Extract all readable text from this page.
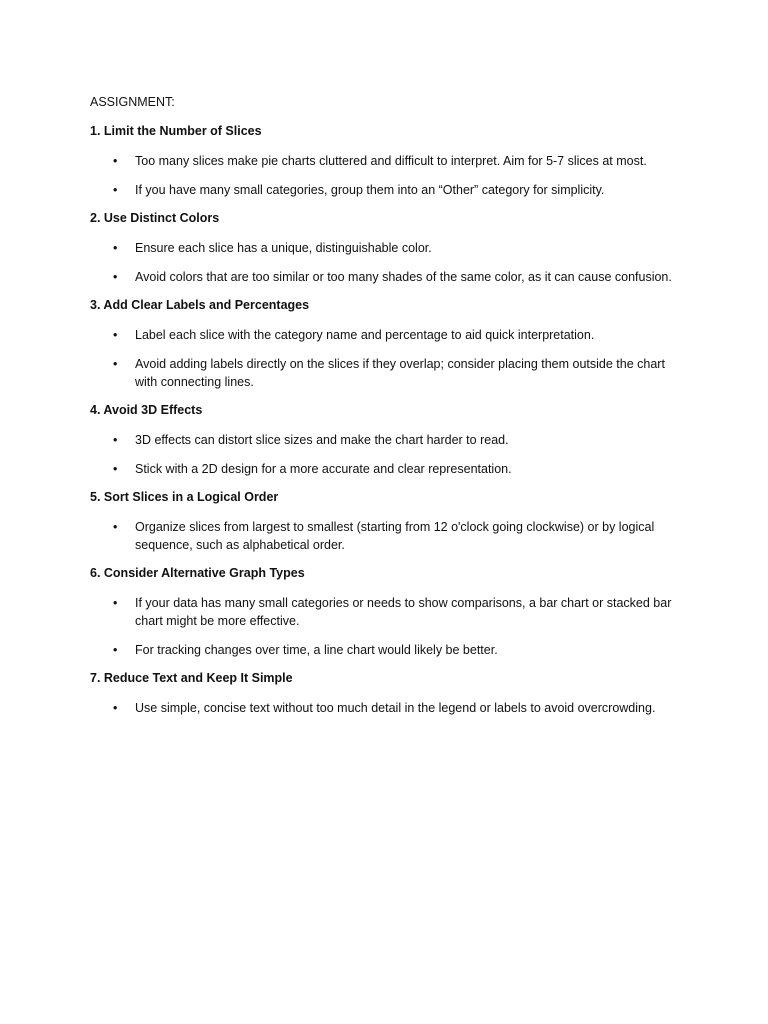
ASSIGNMENT:

1. Limit the Number of Slices

• Too many slices make pie charts cluttered and difficult to interpret. Aim for 5-7 slices at most.
• If you have many small categories, group them into an “Other” category for simplicity.

2. Use Distinct Colors

• Ensure each slice has a unique, distinguishable color.
• Avoid colors that are too similar or too many shades of the same color, as it can cause confusion.

3. Add Clear Labels and Percentages

• Label each slice with the category name and percentage to aid quick interpretation.
• Avoid adding labels directly on the slices if they overlap; consider placing them outside the chart with connecting lines.

4. Avoid 3D Effects

• 3D effects can distort slice sizes and make the chart harder to read.
• Stick with a 2D design for a more accurate and clear representation.

5. Sort Slices in a Logical Order

• Organize slices from largest to smallest (starting from 12 o'clock going clockwise) or by logical sequence, such as alphabetical order.

6. Consider Alternative Graph Types

• If your data has many small categories or needs to show comparisons, a bar chart or stacked bar chart might be more effective.
• For tracking changes over time, a line chart would likely be better.

7. Reduce Text and Keep It Simple

• Use simple, concise text without too much detail in the legend or labels to avoid overcrowding.
